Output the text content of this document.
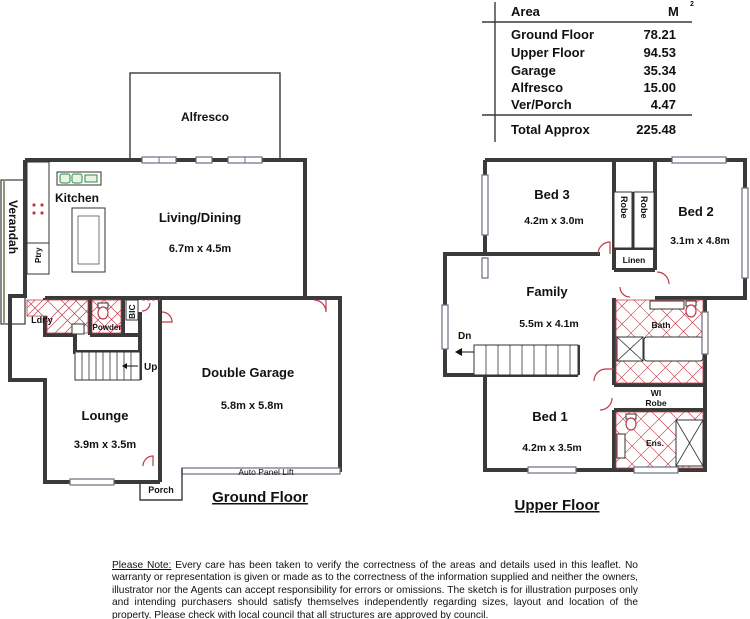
Area	M 2
Ground Floor	78.21
Upper Floor	94.53
Garage	35.34
Alfresco	15.00
Ver/Porch	4.47
Total Approx	225.48
BIC
Ptry
Auto Panel Lift
Alfresco
Kitchen
Living/Dining
6.7m x 4.5m
Verandah
Ldr'y
Powder
Up
Lounge
3.9m x 3.5m
Double Garage
5.8m x 5.8m
Porch	Ground Floor
Robe Robe
Bed 3
4.2m x 3.0m
Bed 2
3.1m x 4.8m
Linen
Family
5.5m x 4.1m
Dn
Bath
WI
Robe
Bed 1
4.2m x 3.5m	Ens.
Upper Floor
Please Note: Every care has been taken to verify the correctness of the areas and details used in this leaflet. No warranty or representation is given or made as to the correctness of the information supplied and neither the owners, illustrator nor the Agents can accept responsibility for errors or omissions. The sketch is for illustration purposes only and intending purchasers should satisfy themselves independently regarding sizes, layout and location of the property. Please check with local council that all structures are approved by council.
